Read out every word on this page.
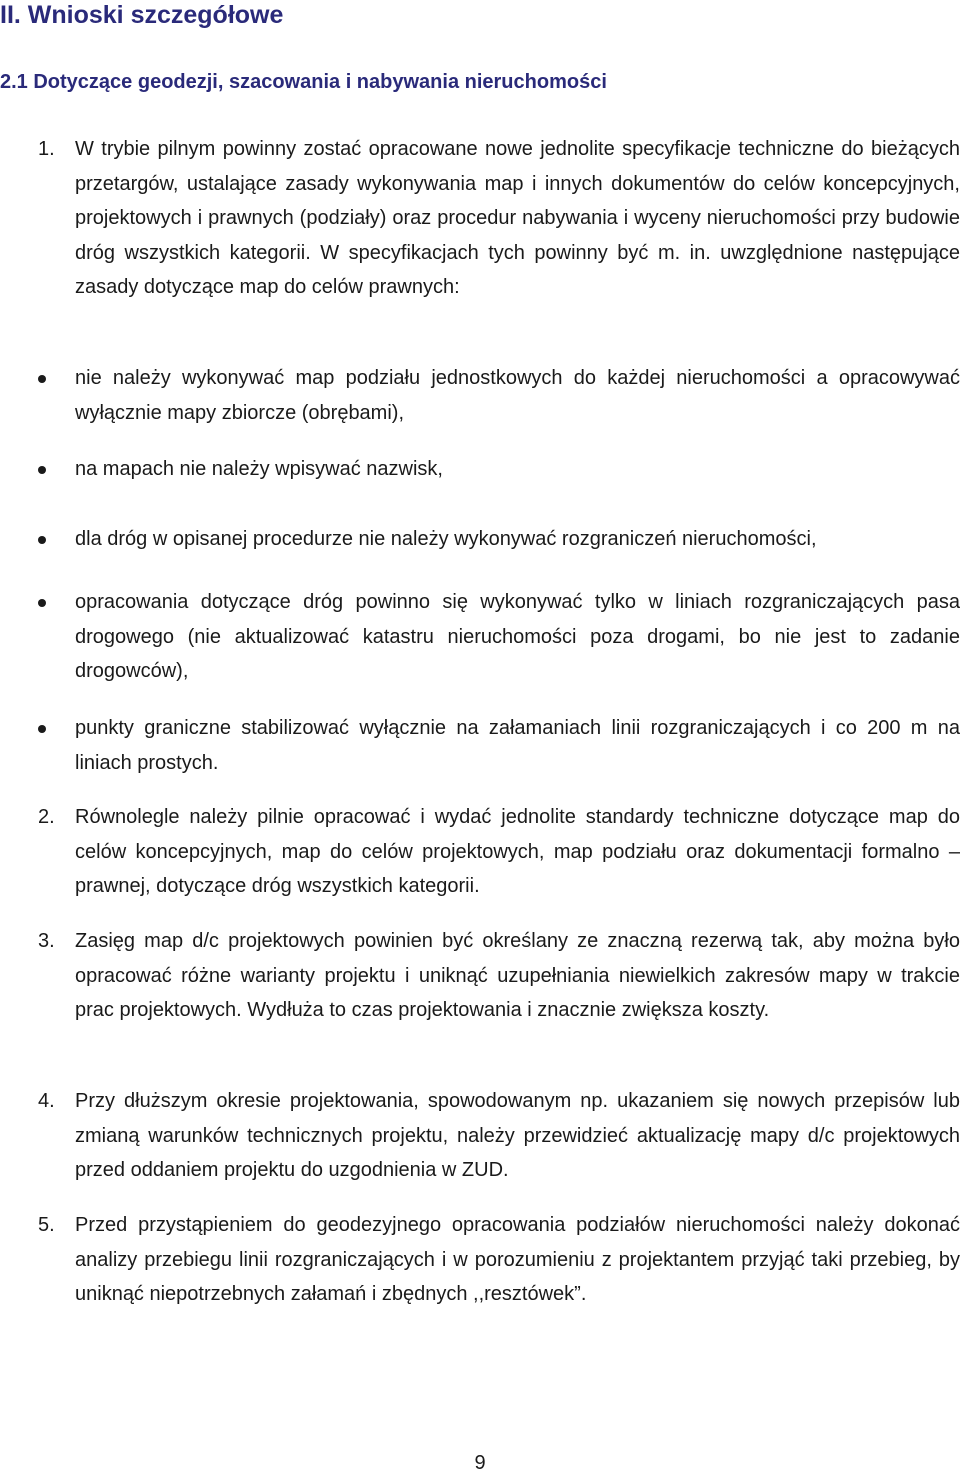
II. Wnioski szczegółowe
2.1 Dotyczące geodezji, szacowania i nabywania nieruchomości
1.	W trybie pilnym powinny zostać opracowane nowe jednolite specyfikacje techniczne do bieżących przetargów, ustalające zasady wykonywania map i innych dokumentów do celów koncepcyjnych, projektowych i prawnych (podziały) oraz procedur nabywania i wyceny nieruchomości przy budowie dróg wszystkich kategorii. W specyfikacjach tych powinny być m. in. uwzględnione następujące zasady dotyczące map do celów prawnych:
nie należy wykonywać map podziału jednostkowych do każdej nieruchomości a opracowywać wyłącznie mapy zbiorcze (obrębami),
na mapach nie należy wpisywać nazwisk,
dla dróg w opisanej procedurze nie należy wykonywać rozgraniczeń nieruchomości,
opracowania dotyczące dróg powinno się wykonywać tylko w liniach rozgraniczających pasa drogowego (nie aktualizować katastru nieruchomości poza drogami, bo nie jest to zadanie drogowców),
punkty graniczne stabilizować wyłącznie na załamaniach linii rozgraniczających i co 200 m na liniach prostych.
2.	Równolegle należy pilnie opracować i wydać jednolite standardy techniczne dotyczące map do celów koncepcyjnych, map do celów projektowych, map podziału oraz dokumentacji formalno – prawnej, dotyczące dróg wszystkich kategorii.
3.	Zasięg map d/c projektowych powinien być określany ze znaczną rezerwą tak, aby można było opracować różne warianty projektu i uniknąć uzupełniania niewielkich zakresów mapy w trakcie prac projektowych. Wydłuża to czas projektowania i znacznie zwiększa koszty.
4.	Przy dłuższym okresie projektowania, spowodowanym np. ukazaniem się nowych przepisów lub zmianą warunków technicznych projektu, należy przewidzieć aktualizację mapy d/c projektowych przed oddaniem projektu do uzgodnienia w ZUD.
5.	Przed przystąpieniem do geodezyjnego opracowania podziałów nieruchomości należy dokonać analizy przebiegu linii rozgraniczających i w porozumieniu z projektantem przyjąć taki przebieg, by uniknąć niepotrzebnych załamań i zbędnych ,,resztówek”.
9
